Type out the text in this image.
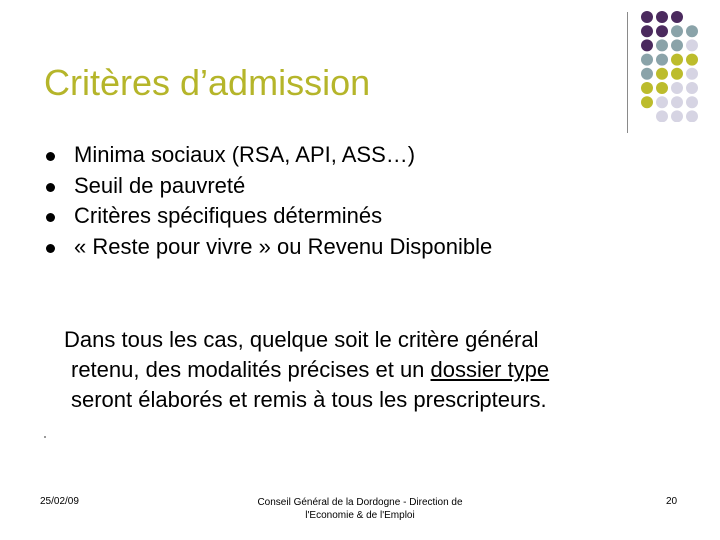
Critères d’admission
Minima sociaux (RSA, API, ASS…)
Seuil de pauvreté
Critères spécifiques déterminés
« Reste pour vivre » ou Revenu Disponible
Dans tous les cas, quelque soit le critère général
retenu, des modalités précises et un dossier type
seront élaborés et remis à tous les prescripteurs.
25/02/09	Conseil Général de la Dordogne - Direction de
l'Economie & de l'Emploi
20
